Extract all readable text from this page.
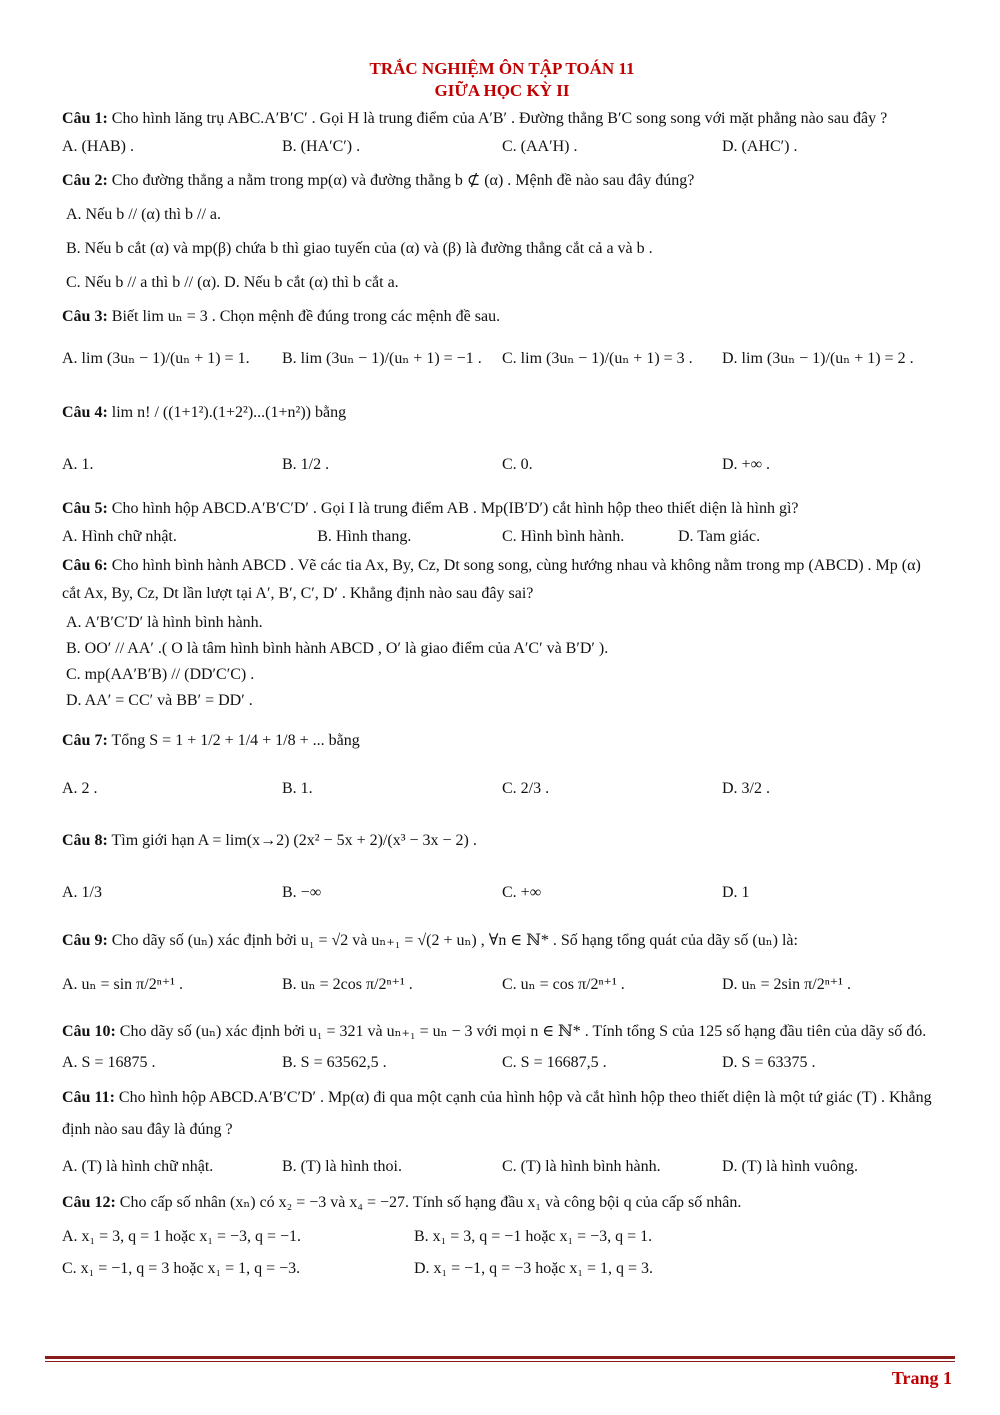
TRẮC NGHIỆM ÔN TẬP TOÁN 11
GIỮA HỌC KỲ II
Câu 1: Cho hình lăng trụ ABC.A′B′C′ . Gọi H là trung điểm của A′B′ . Đường thẳng B′C song song với mặt phẳng nào sau đây ?
A. (HAB) .	B. (HA′C′) .	C. (AA′H) .	D. (AHC′) .
Câu 2: Cho đường thẳng a nằm trong mp(α) và đường thẳng b ⊄ (α) . Mệnh đề nào sau đây đúng?
A. Nếu b // (α) thì b // a.
B. Nếu b cắt (α) và mp(β) chứa b thì giao tuyến của (α) và (β) là đường thẳng cắt cả a và b .
C. Nếu b // a thì b // (α). D. Nếu b cắt (α) thì b cắt a.
Câu 3: Biết lim uₙ = 3 . Chọn mệnh đề đúng trong các mệnh đề sau.
A. lim (3uₙ − 1)/(uₙ + 1) = 1.	B. lim (3uₙ − 1)/(uₙ + 1) = −1 .	C. lim (3uₙ − 1)/(uₙ + 1) = 3 .	D. lim (3uₙ − 1)/(uₙ + 1) = 2 .
Câu 4: lim n! / ((1+1²).(1+2²)...(1+n²)) bằng
A. 1.	B. 1/2 .	C. 0.	D. +∞ .
Câu 5: Cho hình hộp ABCD.A′B′C′D′ . Gọi I là trung điểm AB . Mp(IB′D′) cắt hình hộp theo thiết diện là hình gì?
A. Hình chữ nhật.	B. Hình thang.	C. Hình bình hành.	D. Tam giác.
Câu 6: Cho hình bình hành ABCD . Vẽ các tia Ax, By, Cz, Dt song song, cùng hướng nhau và không nằm trong mp (ABCD) . Mp (α) cắt Ax, By, Cz, Dt lần lượt tại A′, B′, C′, D′ . Khẳng định nào sau đây sai?
A. A′B′C′D′ là hình bình hành.
B. OO′ // AA′ .( O là tâm hình bình hành ABCD , O′ là giao điểm của A′C′ và B′D′ ).
C. mp(AA′B′B) // (DD′C′C) .
D. AA′ = CC′ và BB′ = DD′ .
Câu 7: Tổng S = 1 + 1/2 + 1/4 + 1/8 + ... bằng
A. 2 .	B. 1.	C. 2/3 .	D. 3/2 .
Câu 8: Tìm giới hạn A = lim(x→2) (2x² − 5x + 2)/(x³ − 3x − 2) .
A. 1/3	B. −∞	C. +∞	D. 1
Câu 9: Cho dãy số (uₙ) xác định bởi u₁ = √2 và uₙ₊₁ = √(2 + uₙ) , ∀n ∈ ℕ* . Số hạng tổng quát của dãy số (uₙ) là:
A. uₙ = sin π/2ⁿ⁺¹ .	B. uₙ = 2cos π/2ⁿ⁺¹ .	C. uₙ = cos π/2ⁿ⁺¹ .	D. uₙ = 2sin π/2ⁿ⁺¹ .
Câu 10: Cho dãy số (uₙ) xác định bởi u₁ = 321 và uₙ₊₁ = uₙ − 3 với mọi n ∈ ℕ* . Tính tổng S của 125 số hạng đầu tiên của dãy số đó.
A. S = 16875 .	B. S = 63562,5 .	C. S = 16687,5 .	D. S = 63375 .
Câu 11: Cho hình hộp ABCD.A′B′C′D′ . Mp(α) đi qua một cạnh của hình hộp và cắt hình hộp theo thiết diện là một tứ giác (T) . Khẳng định nào sau đây là đúng ?
A. (T) là hình chữ nhật.	B. (T) là hình thoi.	C. (T) là hình bình hành.	D. (T) là hình vuông.
Câu 12: Cho cấp số nhân (xₙ) có x₂ = −3 và x₄ = −27. Tính số hạng đầu x₁ và công bội q của cấp số nhân.
A. x₁ = 3, q = 1 hoặc x₁ = −3, q = −1.	B. x₁ = 3, q = −1 hoặc x₁ = −3, q = 1.
C. x₁ = −1, q = 3 hoặc x₁ = 1, q = −3.	D. x₁ = −1, q = −3 hoặc x₁ = 1, q = 3.
Trang 1
